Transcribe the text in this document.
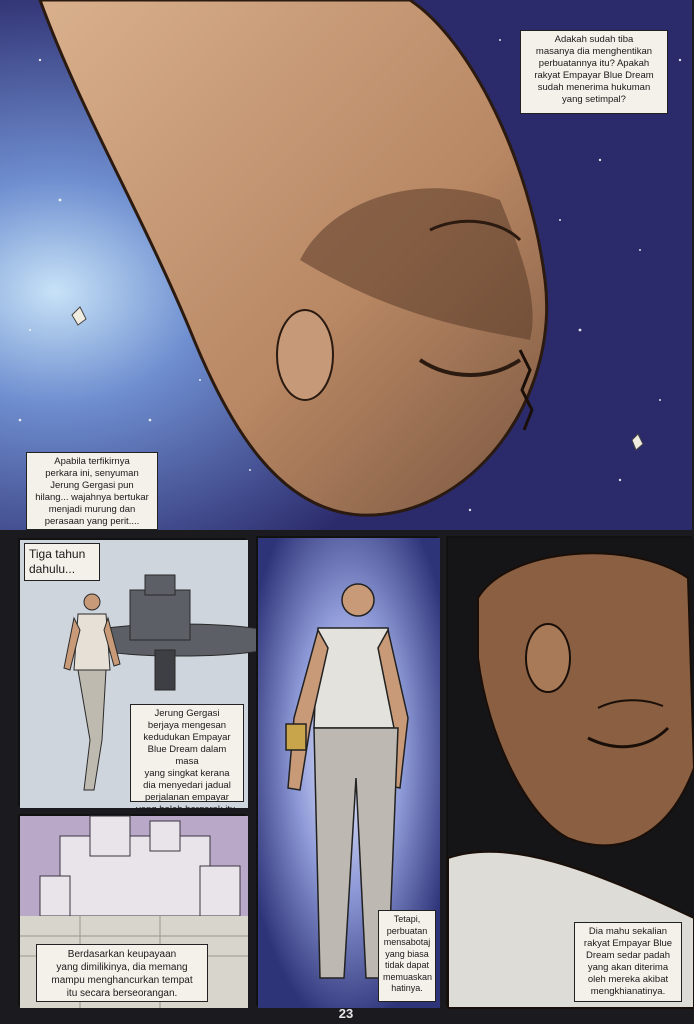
Adakah sudah tiba
masanya dia menghentikan
perbuatannya itu? Apakah
rakyat Empayar Blue Dream
sudah menerima hukuman
yang setimpal?
Apabila terfikirnya
perkara ini, senyuman
Jerung Gergasi pun
hilang... wajahnya bertukar
menjadi murung dan
perasaan yang perit....
Tiga tahun
dahulu...
Jerung Gergasi
berjaya mengesan
kedudukan Empayar
Blue Dream dalam masa
yang singkat kerana
dia menyedari jadual
perjalanan empayar
yang boleh bergerak itu.
Berdasarkan keupayaan
yang dimilikinya, dia memang
mampu menghancurkan tempat
itu secara berseorangan.
Tetapi,
perbuatan
mensabotaj
yang biasa
tidak dapat
memuaskan
hatinya.
Dia mahu sekalian
rakyat Empayar Blue
Dream sedar padah
yang akan diterima
oleh mereka akibat
mengkhianatinya.
23
